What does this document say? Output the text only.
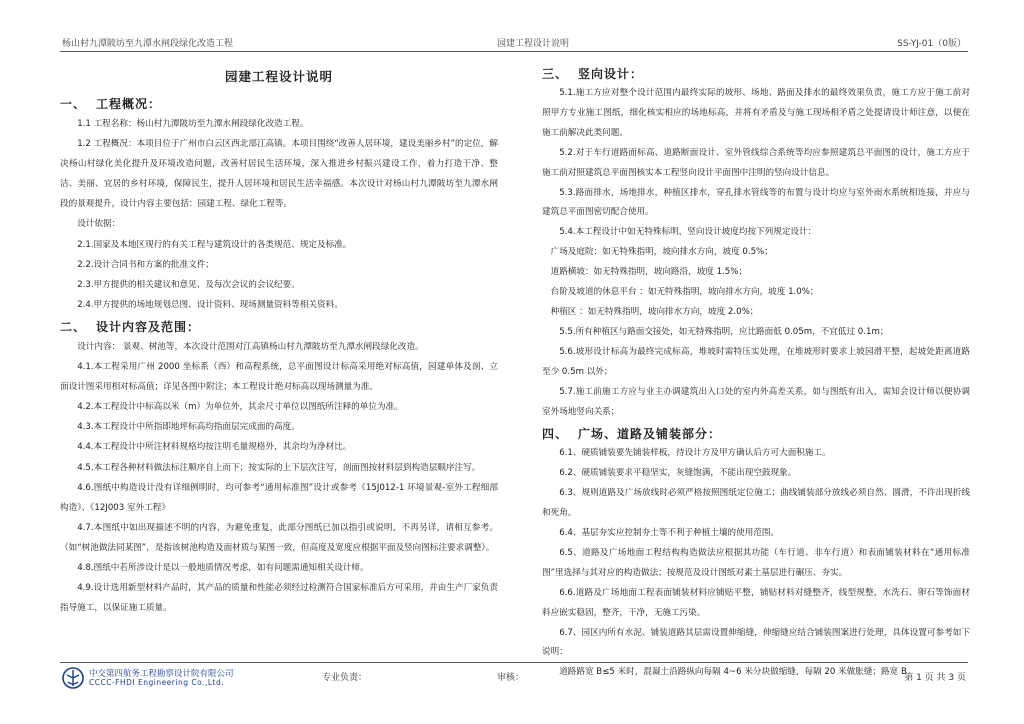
杨山村九潭陂坊至九潭水闸段绿化改造工程	园建工程设计说明	SS-YJ-01（0版）
园建工程设计说明
一、 工程概况：

1.1 工程名称：杨山村九潭陂坊至九潭水闸段绿化改造工程。

1.2 工程概况：本项目位于广州市白云区西北部江高镇。本项目围绕“改善人居环境，建设美丽乡村”的定位，解决杨山村绿化美化提升及环境改造问题，改善村居民生活环境，深入推进乡村振兴建设工作，着力打造干净、整洁、美丽、宜居的乡村环境，保障民生，提升人居环境和居民生活幸福感。本次设计对杨山村九潭陂坊至九潭水闸段的景观提升，设计内容主要包括：园建工程、绿化工程等。

设计依据：

2.1.国家及本地区现行的有关工程与建筑设计的各类规范、规定及标准。

2.2.设计合同书和方案的批准文件；

2.3.甲方提供的相关建议和意见、及每次会议的会议纪要。

2.4.甲方提供的场地规划总图、设计资料、现场测量资料等相关资料。

二、 设计内容及范围：

设计内容： 景观、树池等，本次设计范围对江高镇杨山村九潭陂坊至九潭水闸段绿化改造。

4.1.本工程采用广州 2000 坐标系（西）和高程系统，总平面图设计标高采用绝对标高值，园建单体及剖、立面设计图采用相对标高值；详见各图中附注；本工程设计绝对标高以现场测量为准。

4.2.本工程设计中标高以米（m）为单位外，其余尺寸单位以图纸所注释的单位为准。

4.3.本工程设计中所指即地坪标高均指面层完成面的高度。

4.4.本工程设计中所注材料规格均按注明毛量规格外，其余均为净材比。

4.5.本工程各种材料做法标注顺序自上而下；按实际的上下层次注写，剖面图按材料层到构造层顺序注写。

4.6.图纸中构造设计没有详细例明时，均可参考“通用标准图”设计或参考《15J012-1 环境景观-室外工程细部构造》、《12J003 室外工程》

4.7.本图纸中如出现描述不明的内容，为避免重复，此部分图纸已加以指引或说明，不再另详，请相互参考。（如“树池做法同某图”，是指该树池构造及面材质与某图一致，但高度及宽度应根据平面及竖向图标注要求调整）。

4.8.图纸中若所涉设计是以一般地质情况考虑，如有问题需通知相关设计师。

4.9.设计选用新型材料产品时，其产品的质量和性能必须经过检测符合国家标准后方可采用，并由生产厂家负责指导施工，以保证施工质量。

三、 竖向设计：

5.1.施工方应对整个设计范围内最终实际的坡形、场地、路面及排水的最终效果负责，施工方应于施工前对照甲方专业施工图纸，细化核实相应的场地标高，并将有矛盾及与施工现场相矛盾之处提请设计师注意，以便在施工前解决此类问题。

5.2.对于车行道路面标高、道路断面设计、室外管线综合系统等均应参照建筑总平面图的设计，施工方应于施工前对照建筑总平面图核实本工程竖向设计平面图中注明的竖向设计信息。

5.3.路面排水，场地排水，种植区排水，穿孔排水管线等的布置与设计均应与室外雨水系统相连接，并应与建筑总平面图密切配合使用。

5.4.本工程设计中如无特殊标明，竖向设计坡度均按下列规定设计：

广场及庭院：如无特殊指明，坡向排水方向，坡度 0.5%；

道路横坡：如无特殊指明，坡向路沿，坡度 1.5%；

台阶及坡道的休息平台 ：如无特殊指明，坡向排水方向，坡度 1.0%；

种植区 ：如无特殊指明，坡向排水方向，坡度 2.0%；

5.5.所有种植区与路面交接处，如无特殊指明，应比路面低 0.05m，不宜低过 0.1m；

5.6.坡形设计标高为最终完成标高，堆坡时需特压实处理，在堆坡形时要求上坡园滑平整，起坡处距离道路至少 0.5m 以外；

5.7.施工前施工方应与业主办调建筑出入口处的室内外高差关系，如与图纸有出入，需知会设计师以便协调室外场地竖向关系；

四、 广场、道路及铺装部分：

6.1、硬质铺装要先铺装样板，待设计方及甲方确认后方可大面积施工。

6.2、硬质铺装要求平稳坚实，灰缝饱满，不能出现空鼓现象。

6.3、规则道路及广场放线时必须严格按照图纸定位施工；曲线铺装部分放线必须自然、圆滑，不许出现折线和死角。

6.4、基层夯实应控制夯土等不利于种植土壤的使用范围。

6.5、道路及广场地面工程结构构造做法应根据其功能（车行道、非车行道）和表面铺装材料在“通用标准图”里选择与其对应的构造做法；按规范及设计图纸对素土基层进行碾压、夯实。

6.6.道路及广场地面工程表面铺装材料应铺贴平整，铺贴材料对缝整齐，线型规整，水洗石、卵石等饰面材料应嵌实稳固，整齐，干净，无施工污染。

6.7、园区内所有水泥、铺装道路其层需设置伸缩缝，伸缩缝应结合铺装图案进行处理，具体设置可参考如下说明：

道路路宽 B≤5 米时，混凝土沿路纵向每隔 4~6 米分块做缩缝，每隔 20 米做胀缝；路宽 B

中交第四航务工程勘察设计院有限公司
CCCC-FHDI Engineering Co.,Ltd.	专业负责：	审核：	第 1 页 共 3 页
